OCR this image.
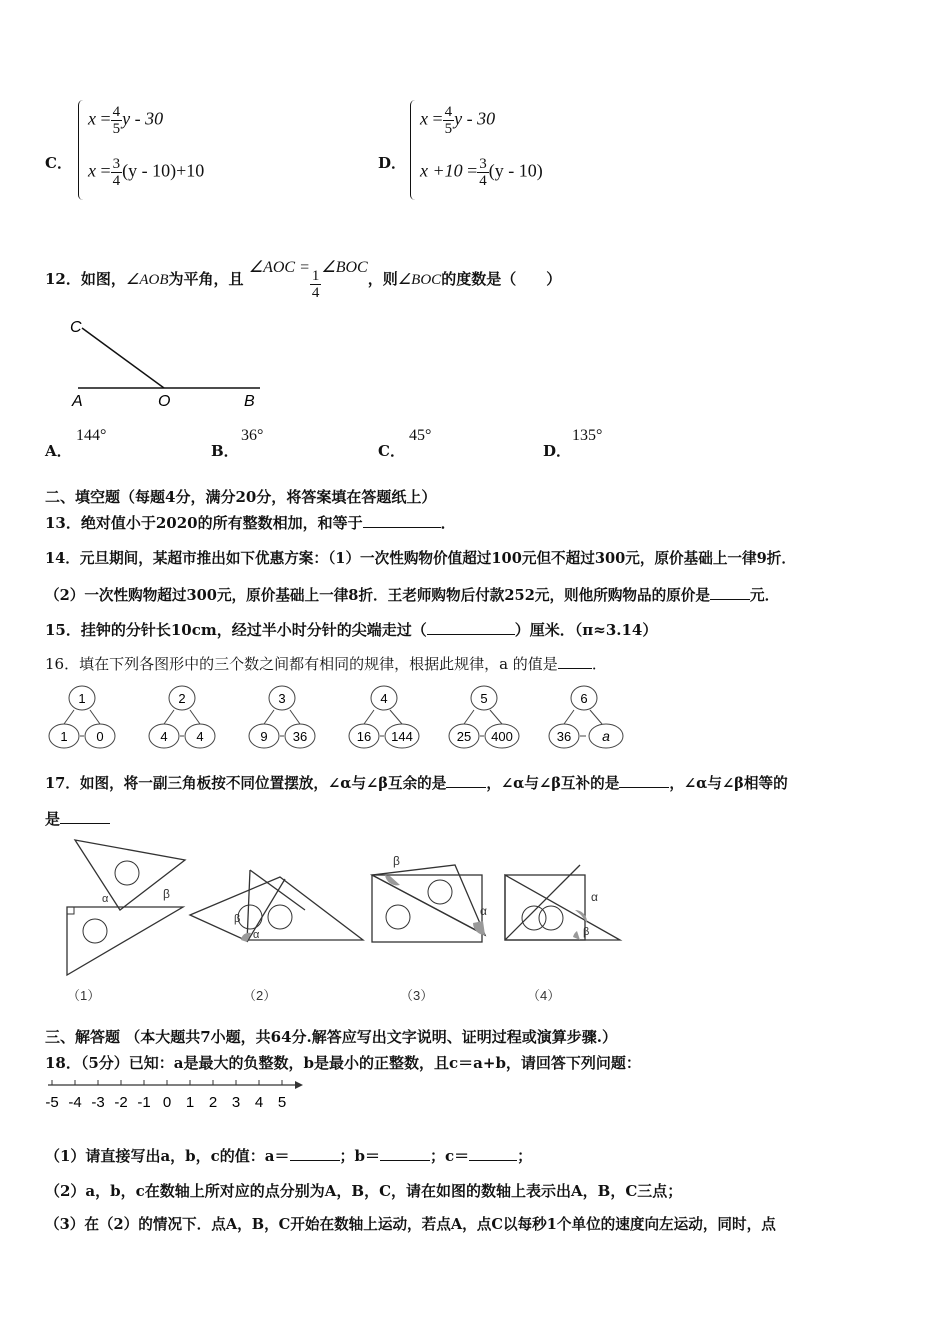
C．
$x = \frac{4}{5}$ y - 30
$x = \frac{3}{4} (y - 10)+10$	D．
$x = \frac{4}{5}$ y - 30
$x +10 = \frac{3}{4} (y - 10)$
12．如图，∠AOB为平角，且 ∠AOC =
$\frac{1}{4}$
∠BOC，则∠BOC的度数是（　　）
C
A	O	B
A．
144°
B．
36°
C．
45°
D．
135°
二、填空题（每题4分，满分20分，将答案填在答题纸上）
13．绝对值小于2020的所有整数相加，和等于	．
14．元旦期间，某超市推出如下优惠方案：（1）一次性购物价值超过100元但不超过300元，原价基础上一律9折．
（2）一次性购物超过300元，原价基础上一律8折．王老师购物后付款252元，则他所购物品的原价是	元．
15．挂钟的分针长10cm，经过半小时分针的尖端走过（	）厘米．（π≈3.14）
16．填在下列各图形中的三个数之间都有相同的规律，根据此规律，a 的值是 ．
1
1 0
2
4 4
3
9 36
4
16 144
5
25 400
6
36 a
17．如图，将一副三角板按不同位置摆放，∠α与∠β互余的是	，∠α与∠β互补的是	，∠α与∠β相等的
是
α	β
（1）
β
α
（2）
β
α
（3）
α
β
（4）
三、解答题 （本大题共7小题，共64分.解答应写出文字说明、证明过程或演算步骤.）
18．（5分）已知：a是最大的负整数，b是最小的正整数，且c＝a+b，请回答下列问题：
-5 -4 -3 -2 -1 0 1 2 3 4 5
（1）请直接写出a，b，c的值：a＝	；b＝	；c＝	；
（2）a，b，c在数轴上所对应的点分别为A，B，C，请在如图的数轴上表示出A，B，C三点；
（3）在（2）的情况下．点A，B，C开始在数轴上运动，若点A，点C以每秒1个单位的速度向左运动，同时，点
